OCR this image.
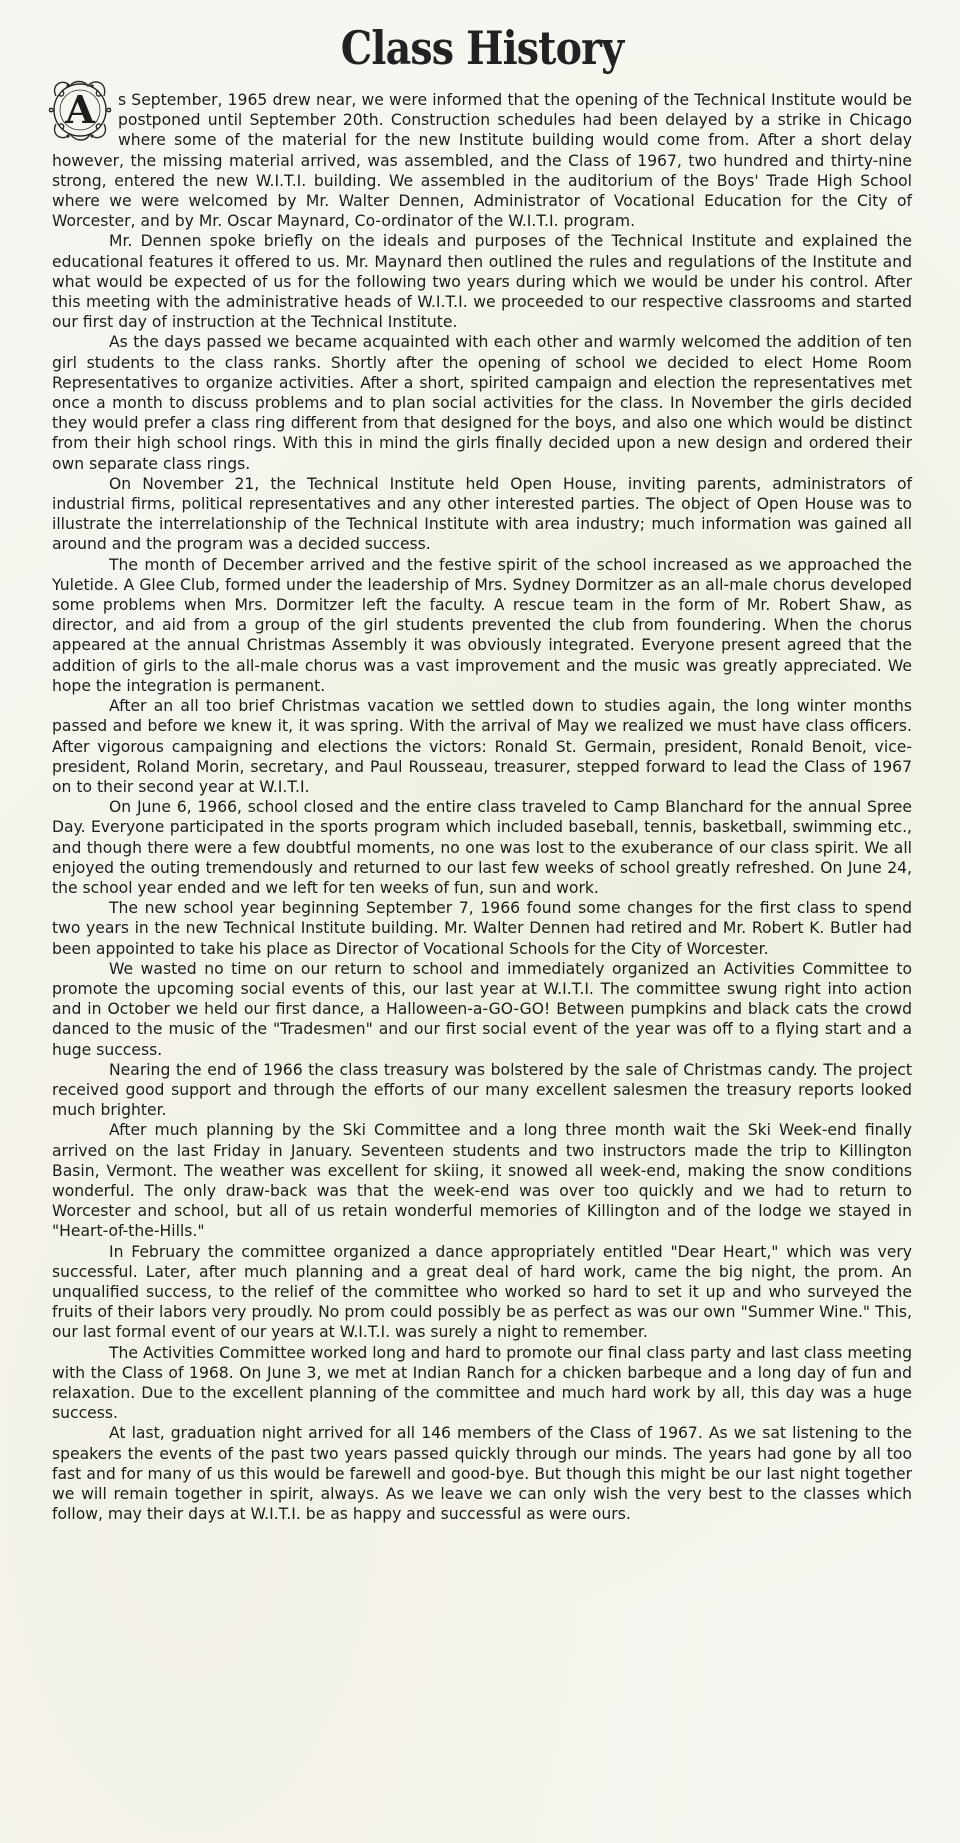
Class History

A s September, 1965 drew near, we were informed that the opening of the Technical Institute would be postponed until September 20th. Construction schedules had been delayed by a strike in Chicago where some of the material for the new Institute building would come from. After a short delay however, the missing material arrived, was assembled, and the Class of 1967, two hundred and thirty-nine strong, entered the new W.I.T.I. building. We assembled in the auditorium of the Boys' Trade High School where we were welcomed by Mr. Walter Dennen, Administrator of Vocational Education for the City of Worcester, and by Mr. Oscar Maynard, Co-ordinator of the W.I.T.I. program.

Mr. Dennen spoke briefly on the ideals and purposes of the Technical Institute and explained the educational features it offered to us. Mr. Maynard then outlined the rules and regulations of the Institute and what would be expected of us for the following two years during which we would be under his control. After this meeting with the administrative heads of W.I.T.I. we proceeded to our respective classrooms and started our first day of instruction at the Technical Institute.

As the days passed we became acquainted with each other and warmly welcomed the addition of ten girl students to the class ranks. Shortly after the opening of school we decided to elect Home Room Representatives to organize activities. After a short, spirited campaign and election the representatives met once a month to discuss problems and to plan social activities for the class. In November the girls decided they would prefer a class ring different from that designed for the boys, and also one which would be distinct from their high school rings. With this in mind the girls finally decided upon a new design and ordered their own separate class rings.

On November 21, the Technical Institute held Open House, inviting parents, administrators of industrial firms, political representatives and any other interested parties. The object of Open House was to illustrate the interrelationship of the Technical Institute with area industry; much information was gained all around and the program was a decided success.

The month of December arrived and the festive spirit of the school increased as we approached the Yuletide. A Glee Club, formed under the leadership of Mrs. Sydney Dormitzer as an all-male chorus developed some problems when Mrs. Dormitzer left the faculty. A rescue team in the form of Mr. Robert Shaw, as director, and aid from a group of the girl students prevented the club from foundering. When the chorus appeared at the annual Christmas Assembly it was obviously integrated. Everyone present agreed that the addition of girls to the all-male chorus was a vast improvement and the music was greatly appreciated. We hope the integration is permanent.

After an all too brief Christmas vacation we settled down to studies again, the long winter months passed and before we knew it, it was spring. With the arrival of May we realized we must have class officers. After vigorous campaigning and elections the victors: Ronald St. Germain, president, Ronald Benoit, vice-president, Roland Morin, secretary, and Paul Rousseau, treasurer, stepped forward to lead the Class of 1967 on to their second year at W.I.T.I.

On June 6, 1966, school closed and the entire class traveled to Camp Blanchard for the annual Spree Day. Everyone participated in the sports program which included baseball, tennis, basketball, swimming etc., and though there were a few doubtful moments, no one was lost to the exuberance of our class spirit. We all enjoyed the outing tremendously and returned to our last few weeks of school greatly refreshed. On June 24, the school year ended and we left for ten weeks of fun, sun and work.

The new school year beginning September 7, 1966 found some changes for the first class to spend two years in the new Technical Institute building. Mr. Walter Dennen had retired and Mr. Robert K. Butler had been appointed to take his place as Director of Vocational Schools for the City of Worcester.

We wasted no time on our return to school and immediately organized an Activities Committee to promote the upcoming social events of this, our last year at W.I.T.I. The committee swung right into action and in October we held our first dance, a Halloween-a-GO-GO! Between pumpkins and black cats the crowd danced to the music of the "Tradesmen" and our first social event of the year was off to a flying start and a huge success.

Nearing the end of 1966 the class treasury was bolstered by the sale of Christmas candy. The project received good support and through the efforts of our many excellent salesmen the treasury reports looked much brighter.

After much planning by the Ski Committee and a long three month wait the Ski Week-end finally arrived on the last Friday in January. Seventeen students and two instructors made the trip to Killington Basin, Vermont. The weather was excellent for skiing, it snowed all week-end, making the snow conditions wonderful. The only draw-back was that the week-end was over too quickly and we had to return to Worcester and school, but all of us retain wonderful memories of Killington and of the lodge we stayed in "Heart-of-the-Hills."

In February the committee organized a dance appropriately entitled "Dear Heart," which was very successful. Later, after much planning and a great deal of hard work, came the big night, the prom. An unqualified success, to the relief of the committee who worked so hard to set it up and who surveyed the fruits of their labors very proudly. No prom could possibly be as perfect as was our own "Summer Wine." This, our last formal event of our years at W.I.T.I. was surely a night to remember.

The Activities Committee worked long and hard to promote our final class party and last class meeting with the Class of 1968. On June 3, we met at Indian Ranch for a chicken barbeque and a long day of fun and relaxation. Due to the excellent planning of the committee and much hard work by all, this day was a huge success.

At last, graduation night arrived for all 146 members of the Class of 1967. As we sat listening to the speakers the events of the past two years passed quickly through our minds. The years had gone by all too fast and for many of us this would be farewell and good-bye. But though this might be our last night together we will remain together in spirit, always. As we leave we can only wish the very best to the classes which follow, may their days at W.I.T.I. be as happy and successful as were ours.
